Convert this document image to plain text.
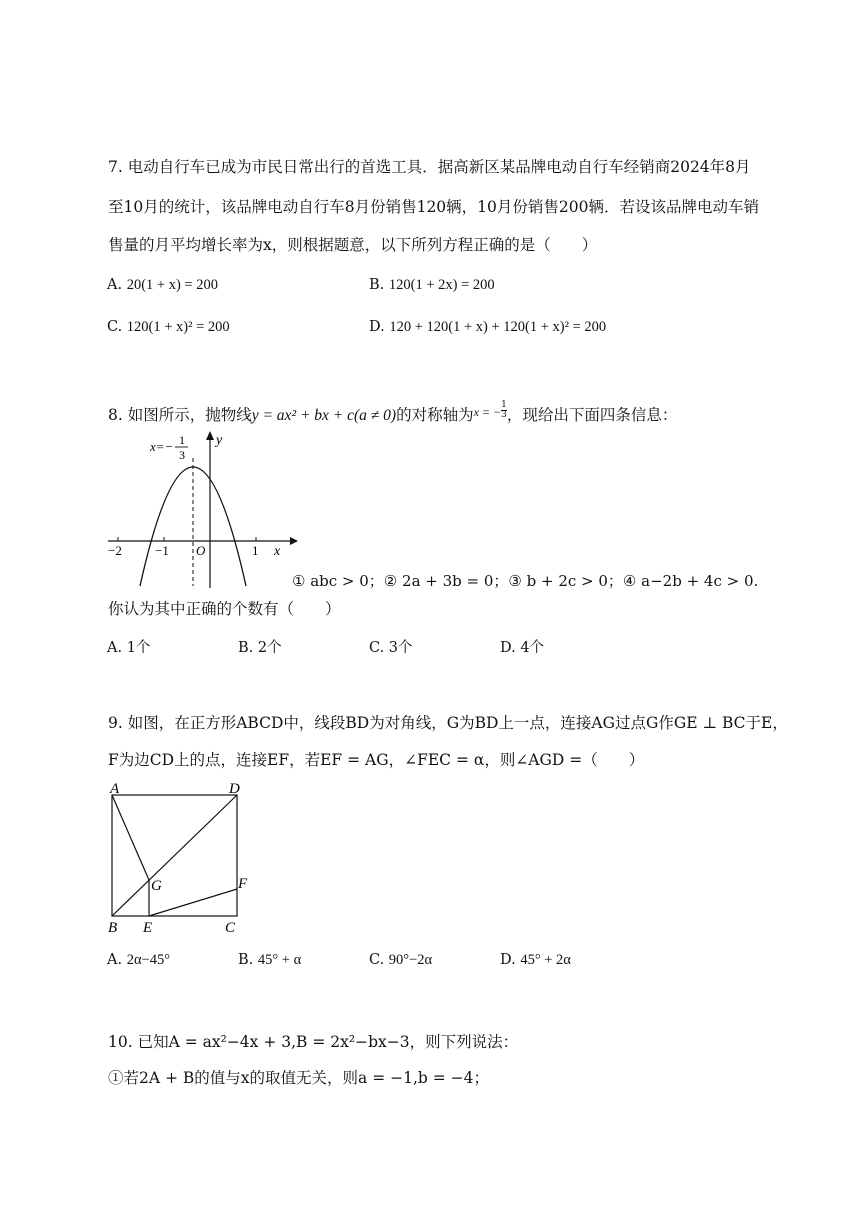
7. 电动自行车已成为市民日常出行的首选工具．据高新区某品牌电动自行车经销商2024年8月
至10月的统计，该品牌电动自行车8月份销售120辆，10月份销售200辆．若设该品牌电动车销
售量的月平均增长率为x，则根据题意，以下所列方程正确的是（　　）
A. 20(1 + x) = 200	B. 120(1 + 2x) = 200
C. 120(1 + x)² = 200	D. 120 + 120(1 + x) + 120(1 + x)² = 200
8. 如图所示，抛物线y = ax² + bx + c(a ≠ 0)的对称轴为$^{x = -} \frac{1}{3}$ ，现给出下面四条信息：
x=− 1
3
y
x
O
−2	−1	1
① abc > 0；② 2a + 3b = 0；③ b + 2c > 0；④ a−2b + 4c > 0.
你认为其中正确的个数有（　　）
A. 1个	B. 2个	C. 3个	D. 4个
9. 如图，在正方形ABCD中，线段BD为对角线，G为BD上一点，连接AG过点G作GE ⊥ BC于E，
F为边CD上的点，连接EF，若EF = AG，∠FEC = α，则∠AGD =（　　）
A	D
B	C
E
F
G
A. 2α−45°	B. 45° + α	C. 90°−2α	D. 45° + 2α
10. 已知A = ax²−4x + 3,B = 2x²−bx−3，则下列说法：
①若2A + B的值与x的取值无关，则a = −1,b = −4；
